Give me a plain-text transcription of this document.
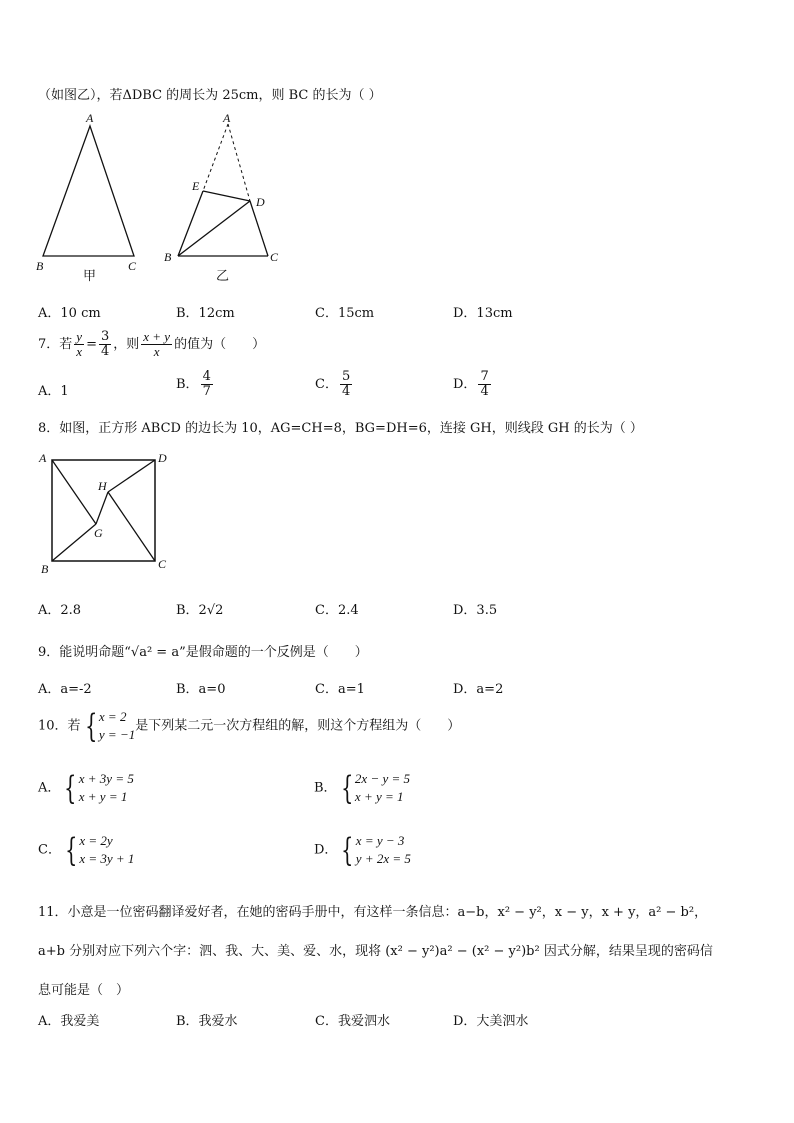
（如图乙），若ΔDBC 的周长为 25cm，则 BC 的长为（ ）
A
B	C
甲
A
E
D
B	C
乙
A．10 cm	B．12cm	C．15cm	D．13cm
7．若 $\frac{y}{x} = \frac{3}{4}$ ，则 $\frac{x + y}{x}$ 的值为（　　）
A．1	B． $\frac{4}{7}$	C． $\frac{5}{4}$	D． $\frac{7}{4}$
8．如图，正方形 ABCD 的边长为 10，AG=CH=8，BG=DH=6，连接 GH，则线段 GH 的长为（ ）
A	D
B	C
H
G
A．2.8	B．2√2	C．2.4	D．3.5
9．能说明命题“√a² = a”是假命题的一个反例是（　　）
A．a=-2	B．a=0	C．a=1	D．a=2
10．若 { x = 2
y = −1
是下列某二元一次方程组的解，则这个方程组为（　　）
A． { x + 3y = 5
x + y = 1
B． { 2x − y = 5
x + y = 1
C． { x = 2y
x = 3y + 1
D． { x = y − 3
y + 2x = 5
11．小意是一位密码翻译爱好者，在她的密码手册中，有这样一条信息：a−b，x² − y²，x − y，x + y，a² − b²，
a+b 分别对应下列六个字：泗、我、大、美、爱、水，现将 (x² − y²)a² − (x² − y²)b² 因式分解，结果呈现的密码信
息可能是（　）
A．我爱美	B．我爱水	C．我爱泗水	D．大美泗水
